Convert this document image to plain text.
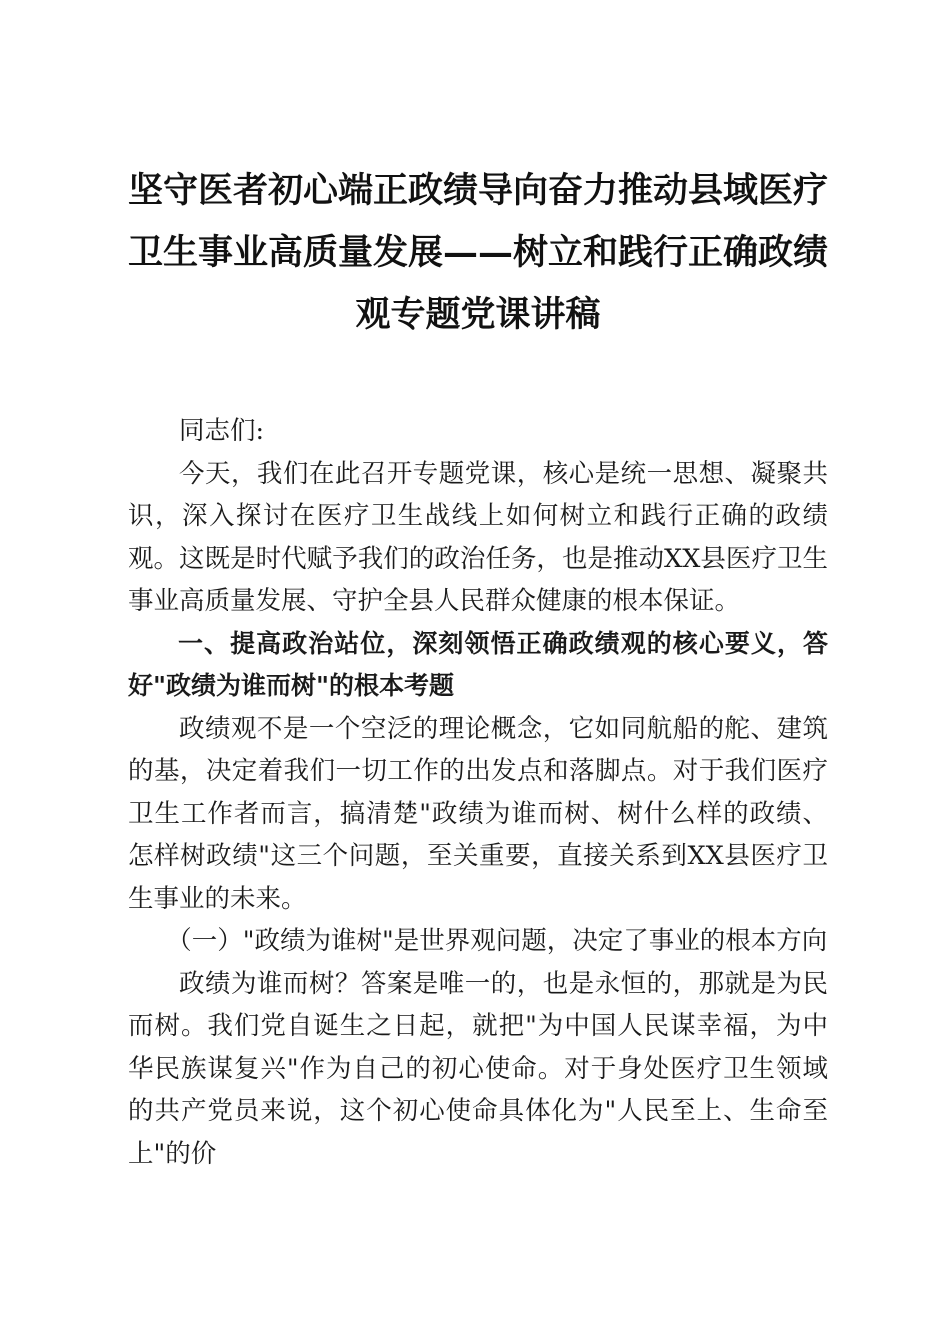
坚守医者初心端正政绩导向奋力推动县域医疗卫生事业高质量发展——树立和践行正确政绩观专题党课讲稿

同志们:

今天，我们在此召开专题党课，核心是统一思想、凝聚共识，深入探讨在医疗卫生战线上如何树立和践行正确的政绩观。这既是时代赋予我们的政治任务，也是推动XX县医疗卫生事业高质量发展、守护全县人民群众健康的根本保证。

一、提高政治站位，深刻领悟正确政绩观的核心要义，答好"政绩为谁而树"的根本考题

政绩观不是一个空泛的理论概念，它如同航船的舵、建筑的基，决定着我们一切工作的出发点和落脚点。对于我们医疗卫生工作者而言，搞清楚"政绩为谁而树、树什么样的政绩、怎样树政绩"这三个问题，至关重要，直接关系到XX县医疗卫生事业的未来。

（一）"政绩为谁树"是世界观问题，决定了事业的根本方向

政绩为谁而树？答案是唯一的，也是永恒的，那就是为民而树。我们党自诞生之日起，就把"为中国人民谋幸福，为中华民族谋复兴"作为自己的初心使命。对于身处医疗卫生领域的共产党员来说，这个初心使命具体化为"人民至上、生命至上"的价
